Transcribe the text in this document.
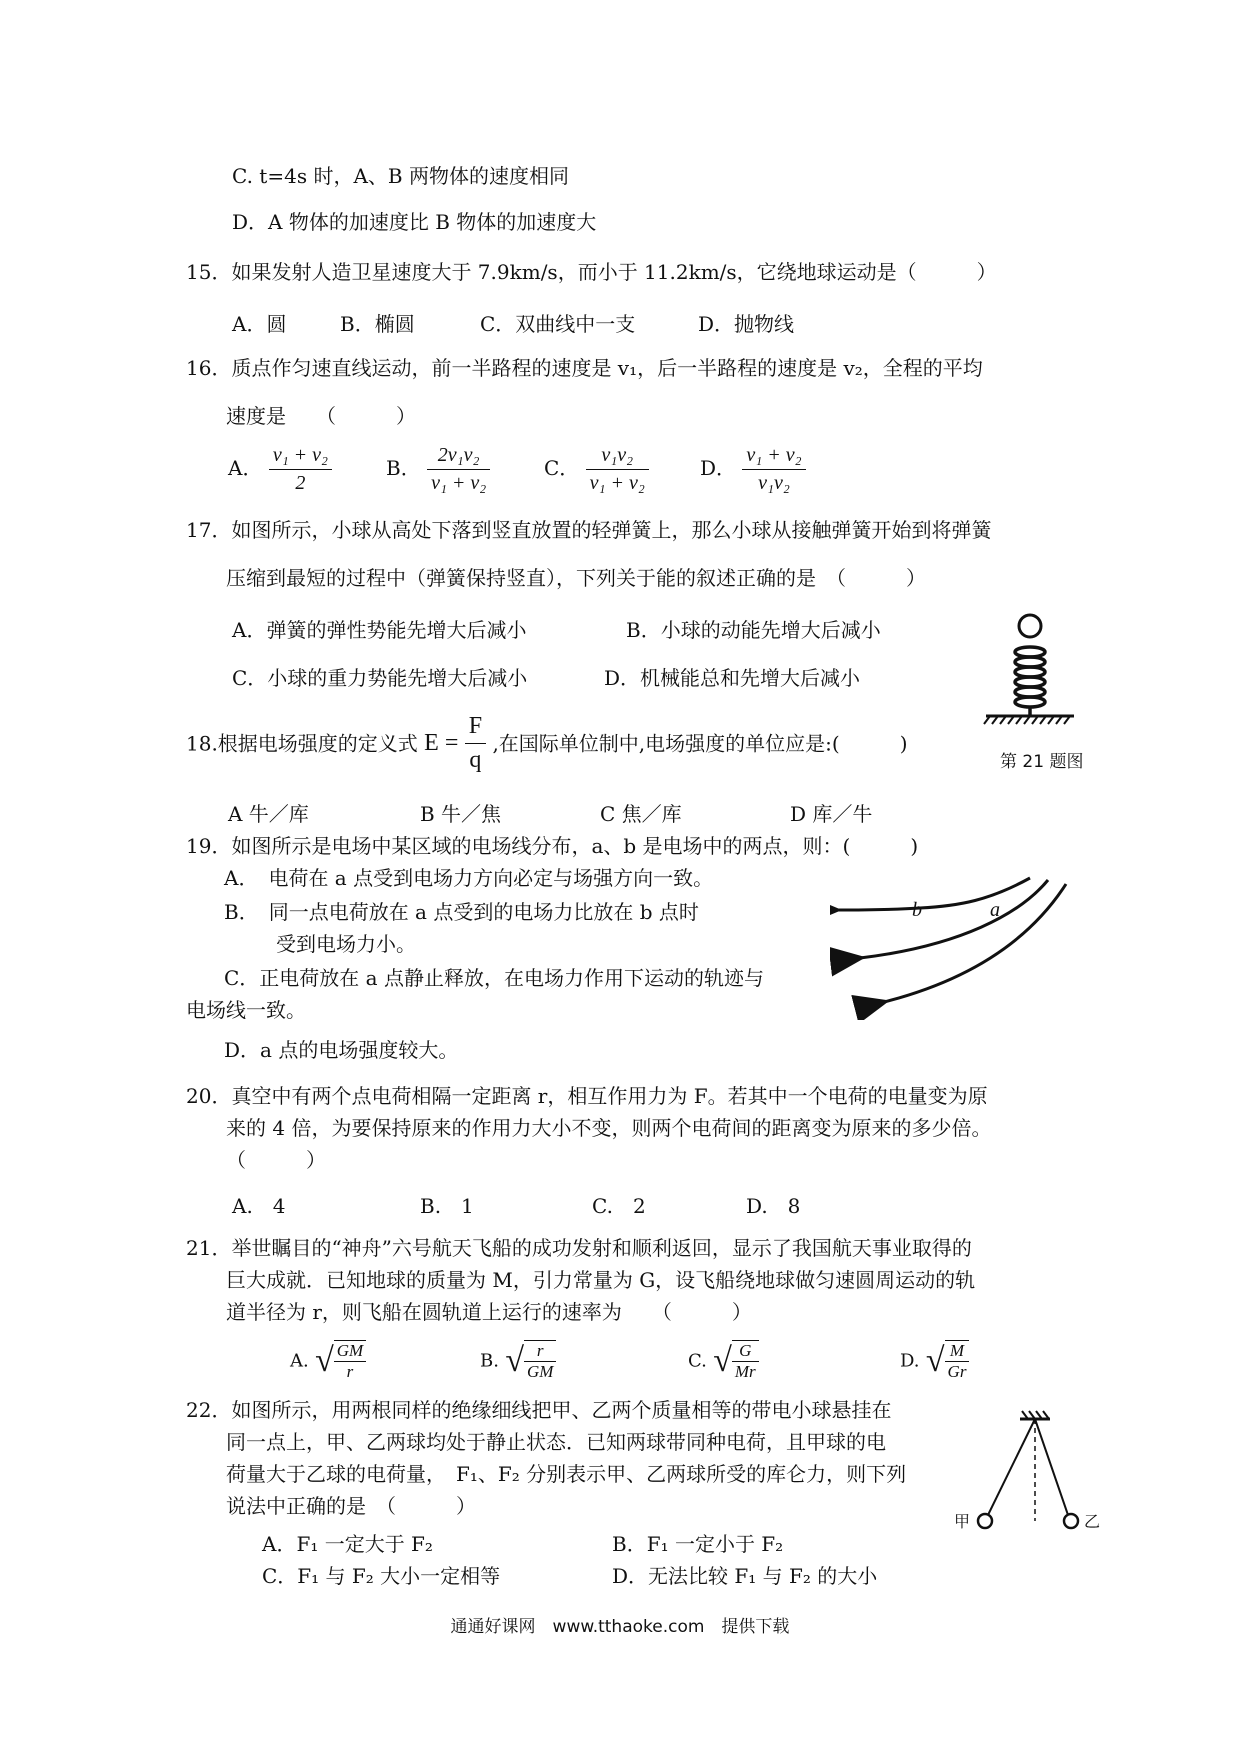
C. t=4s 时，A、B 两物体的速度相同
D．A 物体的加速度比 B 物体的加速度大
15．如果发射人造卫星速度大于 7.9km/s，而小于 11.2km/s，它绕地球运动是（　　　）
A．圆	B．椭圆	C．双曲线中一支	D．抛物线
16．质点作匀速直线运动，前一半路程的速度是 v₁，后一半路程的速度是 v₂，全程的平均
速度是　　（　　　）
A． $\frac{\text{v₁ + v₂}}{2}$	B． $\frac{\text{2v₁v₂}}{\text{v₁ + v₂}}$	C． $\frac{\text{v₁v₂}}{\text{v₁ + v₂}}$	D． $\frac{\text{v₁ + v₂}}{\text{v₁v₂}}$
17．如图所示，小球从高处下落到竖直放置的轻弹簧上，那么小球从接触弹簧开始到将弹簧
压缩到最短的过程中（弹簧保持竖直），下列关于能的叙述正确的是　（　　　）
A．弹簧的弹性势能先增大后减小	B．小球的动能先增大后减小
C．小球的重力势能先增大后减小	D．机械能总和先增大后减小
第 21 题图
18.根据电场强度的定义式 $E = \frac{F}{q}$ ,在国际单位制中,电场强度的单位应是:(　　　)
A 牛／库	B 牛／焦	C 焦／库	D 库／牛
19．如图所示是电场中某区域的电场线分布，a、b 是电场中的两点，则：(　　　)
A．　电荷在 a 点受到电场力方向必定与场强方向一致。
B．　同一点电荷放在 a 点受到的电场力比放在 b 点时
受到电场力小。
C．正电荷放在 a 点静止释放，在电场力作用下运动的轨迹与
电场线一致。
D．a 点的电场强度较大。
b	a
20．真空中有两个点电荷相隔一定距离 r，相互作用力为 F。若其中一个电荷的电量变为原
来的 4 倍，为要保持原来的作用力大小不变，则两个电荷间的距离变为原来的多少倍。
（　　　）
A.　4	B.　1	C.　2	D.　8
21．举世瞩目的“神舟”六号航天飞船的成功发射和顺利返回，显示了我国航天事业取得的
巨大成就．已知地球的质量为 M，引力常量为 G，设飞船绕地球做匀速圆周运动的轨
道半径为 r，则飞船在圆轨道上运行的速率为　　（　　　）
A. √ $\frac{GM}{r}$	B. √ $\frac{r}{GM}$	C. √ $\frac{G}{Mr}$	D. √ $\frac{M}{Gr}$
22．如图所示，用两根同样的绝缘细线把甲、乙两个质量相等的带电小球悬挂在
同一点上，甲、乙两球均处于静止状态．已知两球带同种电荷，且甲球的电
荷量大于乙球的电荷量，　F₁、F₂ 分别表示甲、乙两球所受的库仑力，则下列
说法中正确的是　（　　　）
A．F₁ 一定大于 F₂	B．F₁ 一定小于 F₂
C．F₁ 与 F₂ 大小一定相等	D．无法比较 F₁ 与 F₂ 的大小
甲	乙
通通好课网　www.tthaoke.com　提供下载
